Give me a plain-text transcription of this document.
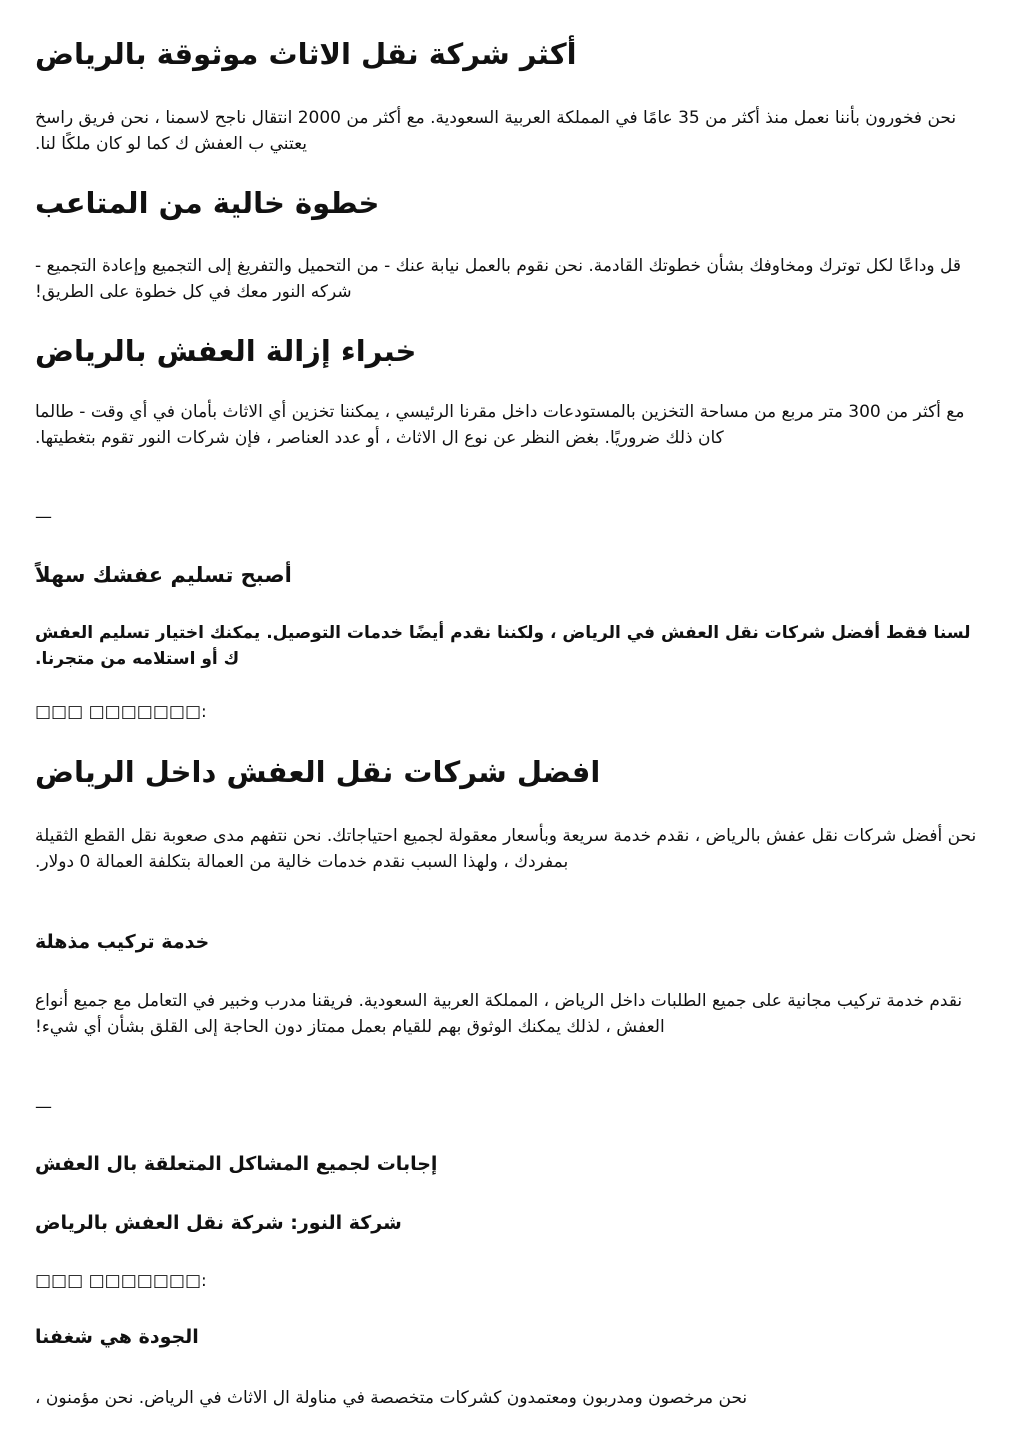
أكثر شركة نقل الاثاث موثوقة بالرياض

نحن فخورون بأننا نعمل منذ أكثر من 35 عامًا في المملكة العربية السعودية. مع أكثر من 2000 انتقال ناجح لاسمنا ، نحن فريق راسخ يعتني ب العفش ك كما لو كان ملكًا لنا.

خطوة خالية من المتاعب

قل وداعًا لكل توترك ومخاوفك بشأن خطوتك القادمة. نحن نقوم بالعمل نيابة عنك - من التحميل والتفريغ إلى التجميع وإعادة التجميع - شركه النور معك في كل خطوة على الطريق!

خبراء إزالة العفش بالرياض

مع أكثر من 300 متر مربع من مساحة التخزين بالمستودعات داخل مقرنا الرئيسي ، يمكننا تخزين أي الاثاث بأمان في أي وقت - طالما كان ذلك ضروريًا. بغض النظر عن نوع ال الاثاث ، أو عدد العناصر ، فإن شركات النور تقوم بتغطيتها.

—
أصبح تسليم عفشك سهلاً

لسنا فقط أفضل شركات نقل العفش في الرياض ، ولكننا نقدم أيضًا خدمات التوصيل. يمكنك اختيار تسليم العفش ك أو استلامه من متجرنا.

□□□ □□□□□□□:

افضل شركات نقل العفش داخل الرياض

نحن أفضل شركات نقل عفش بالرياض ، نقدم خدمة سريعة وبأسعار معقولة لجميع احتياجاتك. نحن نتفهم مدى صعوبة نقل القطع الثقيلة بمفردك ، ولهذا السبب نقدم خدمات خالية من العمالة بتكلفة العمالة 0 دولار.

خدمة تركيب مذهلة

نقدم خدمة تركيب مجانية على جميع الطلبات داخل الرياض ، المملكة العربية السعودية. فريقنا مدرب وخبير في التعامل مع جميع أنواع العفش ، لذلك يمكنك الوثوق بهم للقيام بعمل ممتاز دون الحاجة إلى القلق بشأن أي شيء!

—
إجابات لجميع المشاكل المتعلقة بال العفش
شركة النور: شركة نقل العفش بالرياض

□□□ □□□□□□□:

الجودة هي شغفنا

نحن مرخصون ومدربون ومعتمدون كشركات متخصصة في مناولة ال الاثاث في الرياض. نحن مؤمنون ،
